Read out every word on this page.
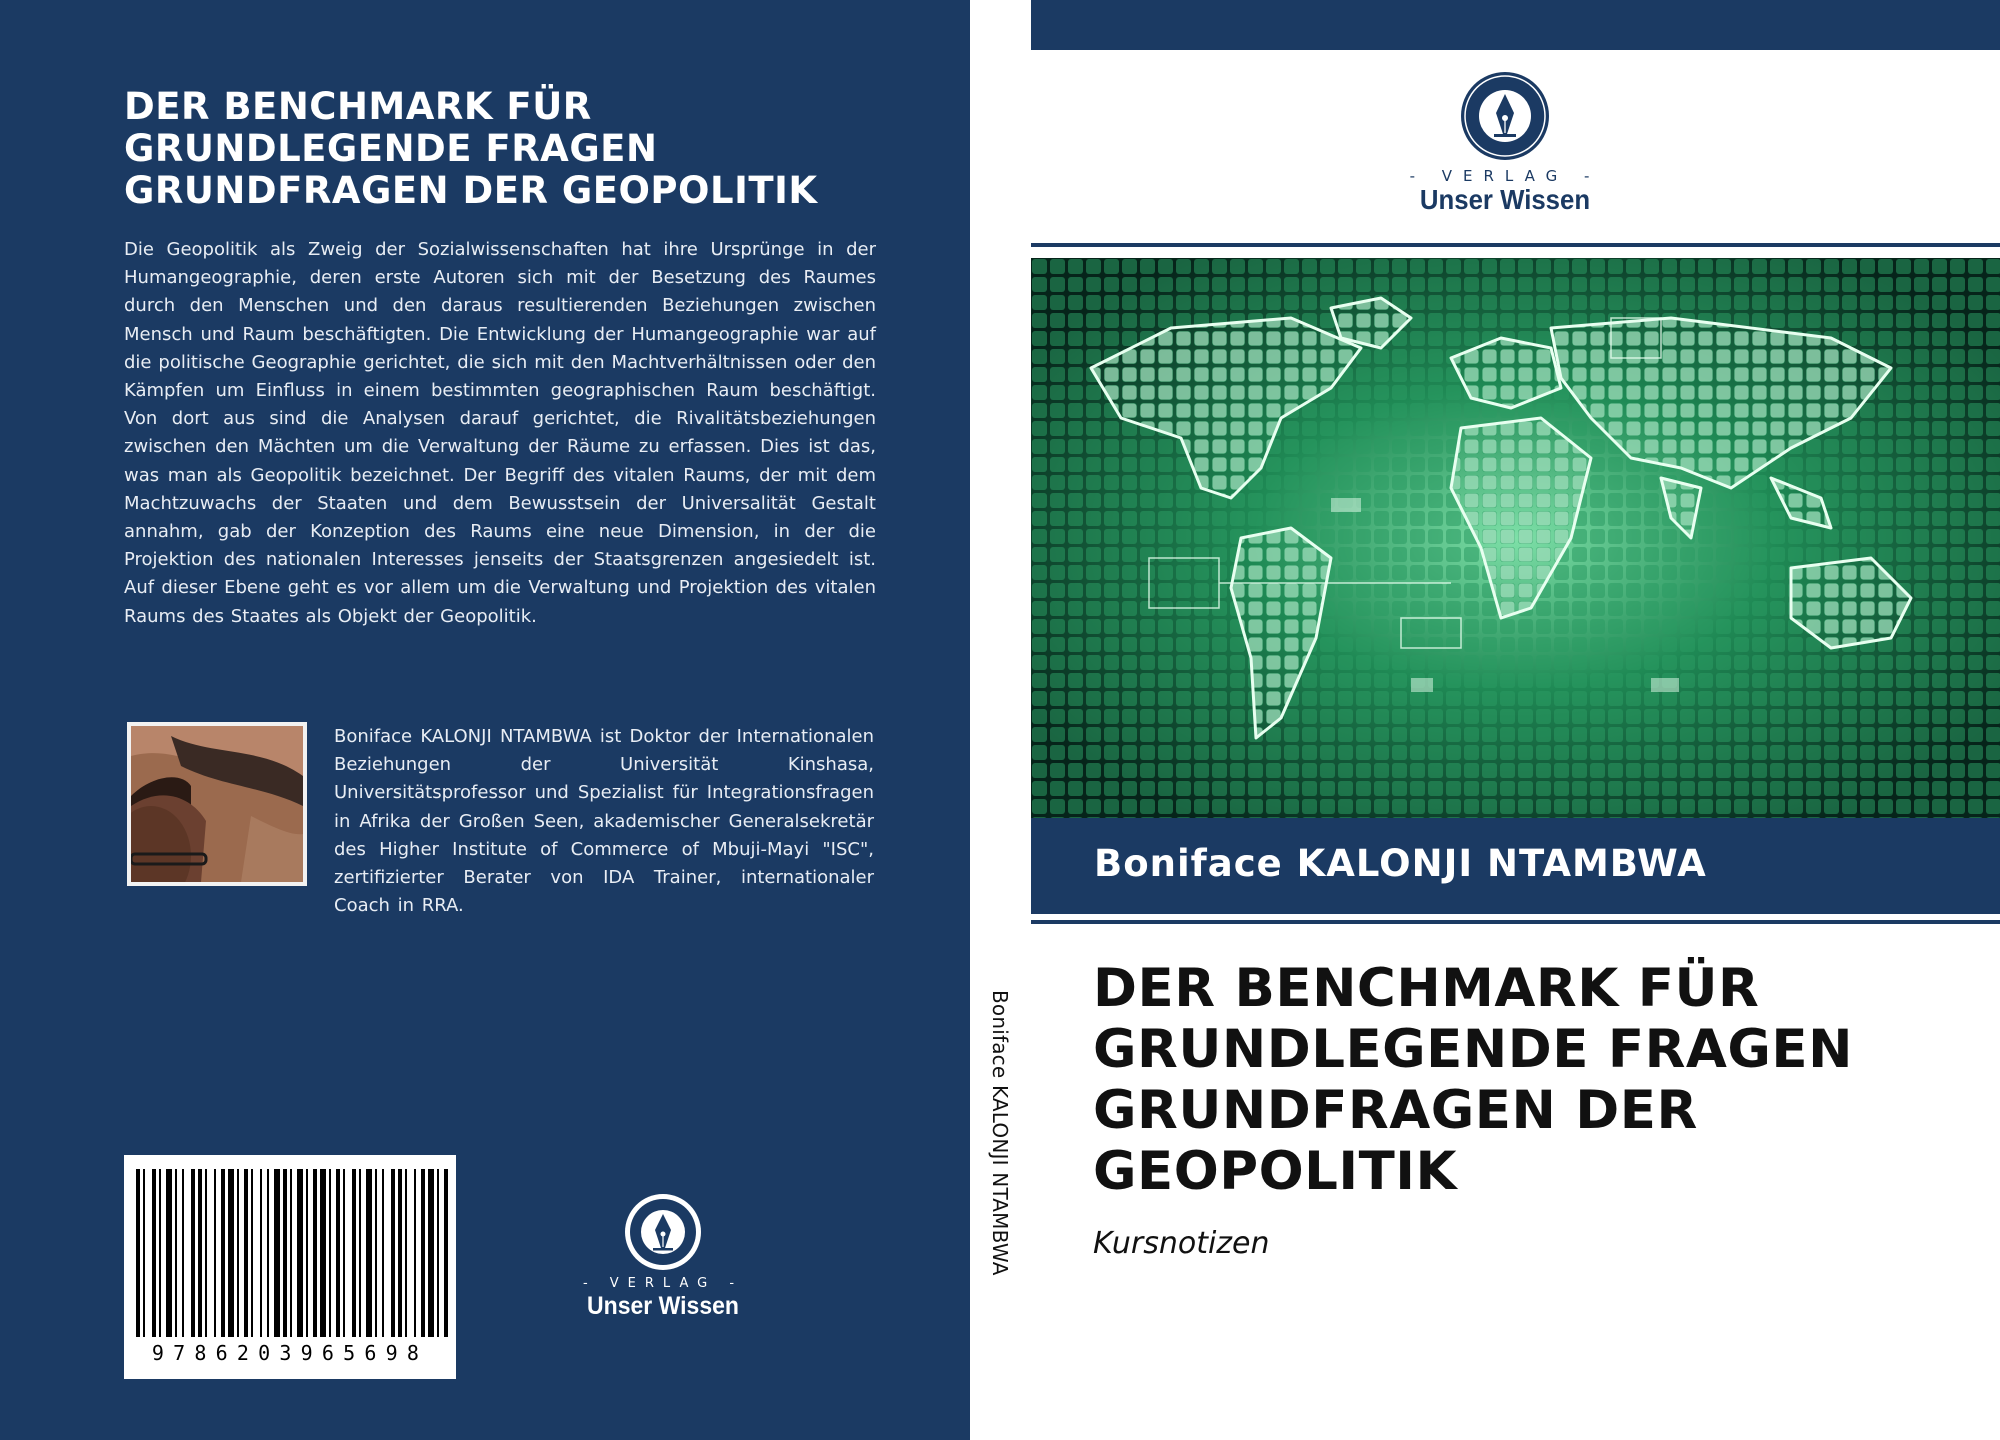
DER BENCHMARK FÜR
GRUNDLEGENDE FRAGEN
GRUNDFRAGEN DER GEOPOLITIK
Die Geopolitik als Zweig der Sozialwissenschaften hat ihre Ursprünge in der Humangeographie, deren erste Autoren sich mit der Besetzung des Raumes durch den Menschen und den daraus resultierenden Beziehungen zwischen Mensch und Raum beschäftigten. Die Entwicklung der Humangeographie war auf die politische Geographie gerichtet, die sich mit den Machtverhältnissen oder den Kämpfen um Einfluss in einem bestimmten geographischen Raum beschäftigt. Von dort aus sind die Analysen darauf gerichtet, die Rivalitätsbeziehungen zwischen den Mächten um die Verwaltung der Räume zu erfassen. Dies ist das, was man als Geopolitik bezeichnet. Der Begriff des vitalen Raums, der mit dem Machtzuwachs der Staaten und dem Bewusstsein der Universalität Gestalt annahm, gab der Konzeption des Raums eine neue Dimension, in der die Projektion des nationalen Interesses jenseits der Staatsgrenzen angesiedelt ist. Auf dieser Ebene geht es vor allem um die Verwaltung und Projektion des vitalen Raums des Staates als Objekt der Geopolitik.
Boniface KALONJI NTAMBWA ist Doktor der Internationalen Beziehungen der Universität Kinshasa, Universitätsprofessor und Spezialist für Integrationsfragen in Afrika der Großen Seen, akademischer Generalsekretär des Higher Institute of Commerce of Mbuji-Mayi "ISC", zertifizierter Berater von IDA Trainer, internationaler Coach in RRA.
9786203965698
- VERLAG -
Unser Wissen
Boniface KALONJI NTAMBWA
- VERLAG -
Unser Wissen
Boniface KALONJI NTAMBWA
DER BENCHMARK FÜR
GRUNDLEGENDE FRAGEN
GRUNDFRAGEN DER
GEOPOLITIK
Kursnotizen
